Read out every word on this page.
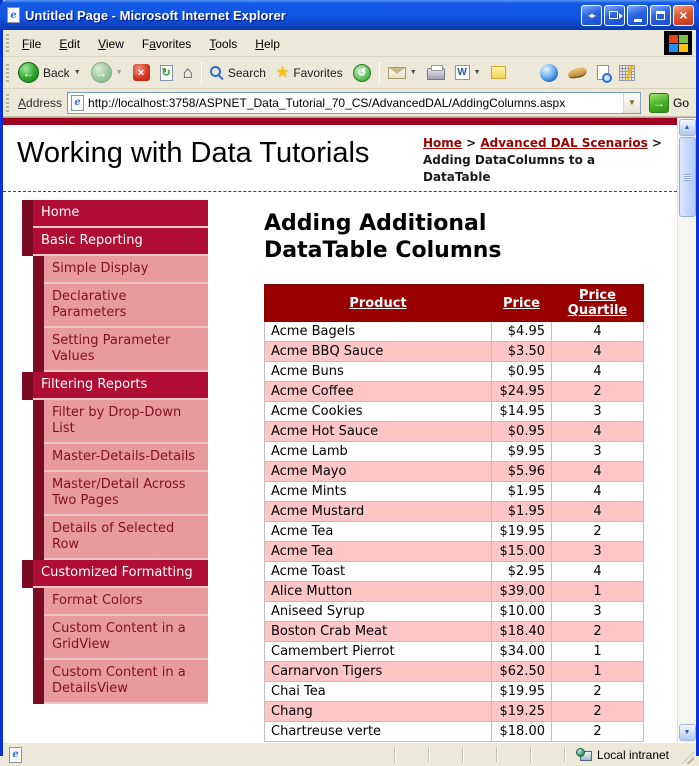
e Untitled Page - Microsoft Internet Explorer	◂▸	×
File	Edit	View	Favorites	Tools	Help
← Back ▼	→	▼	×	↻ ⌂	Search ★ Favorites	↺	▼	W ▼
Address	e http://localhost:3758/ASPNET_Data_Tutorial_70_CS/AdvancedDAL/AddingColumns.aspx	▼	→ Go
Working with Data Tutorials	Home > Advanced DAL Scenarios > Adding DataColumns to a DataTable
Home
Basic Reporting
Simple Display
Declarative Parameters
Setting Parameter Values
Filtering Reports
Filter by Drop-Down List
Master-Details-Details
Master/Detail Across Two Pages
Details of Selected Row
Customized Formatting
Format Colors
Custom Content in a GridView
Custom Content in a DetailsView
Adding Additional DataTable Columns
Product	Price	Price Quartile
Acme Bagels	$4.95	4
Acme BBQ Sauce	$3.50	4
Acme Buns	$0.95	4
Acme Coffee	$24.95	2
Acme Cookies	$14.95	3
Acme Hot Sauce	$0.95	4
Acme Lamb	$9.95	3
Acme Mayo	$5.96	4
Acme Mints	$1.95	4
Acme Mustard	$1.95	4
Acme Tea	$19.95	2
Acme Tea	$15.00	3
Acme Toast	$2.95	4
Alice Mutton	$39.00	1
Aniseed Syrup	$10.00	3
Boston Crab Meat	$18.40	2
Camembert Pierrot	$34.00	1
Carnarvon Tigers	$62.50	1
Chai Tea	$19.95	2
Chang	$19.25	2
Chartreuse verte	$18.00	2
▲
▼
e	Local intranet
